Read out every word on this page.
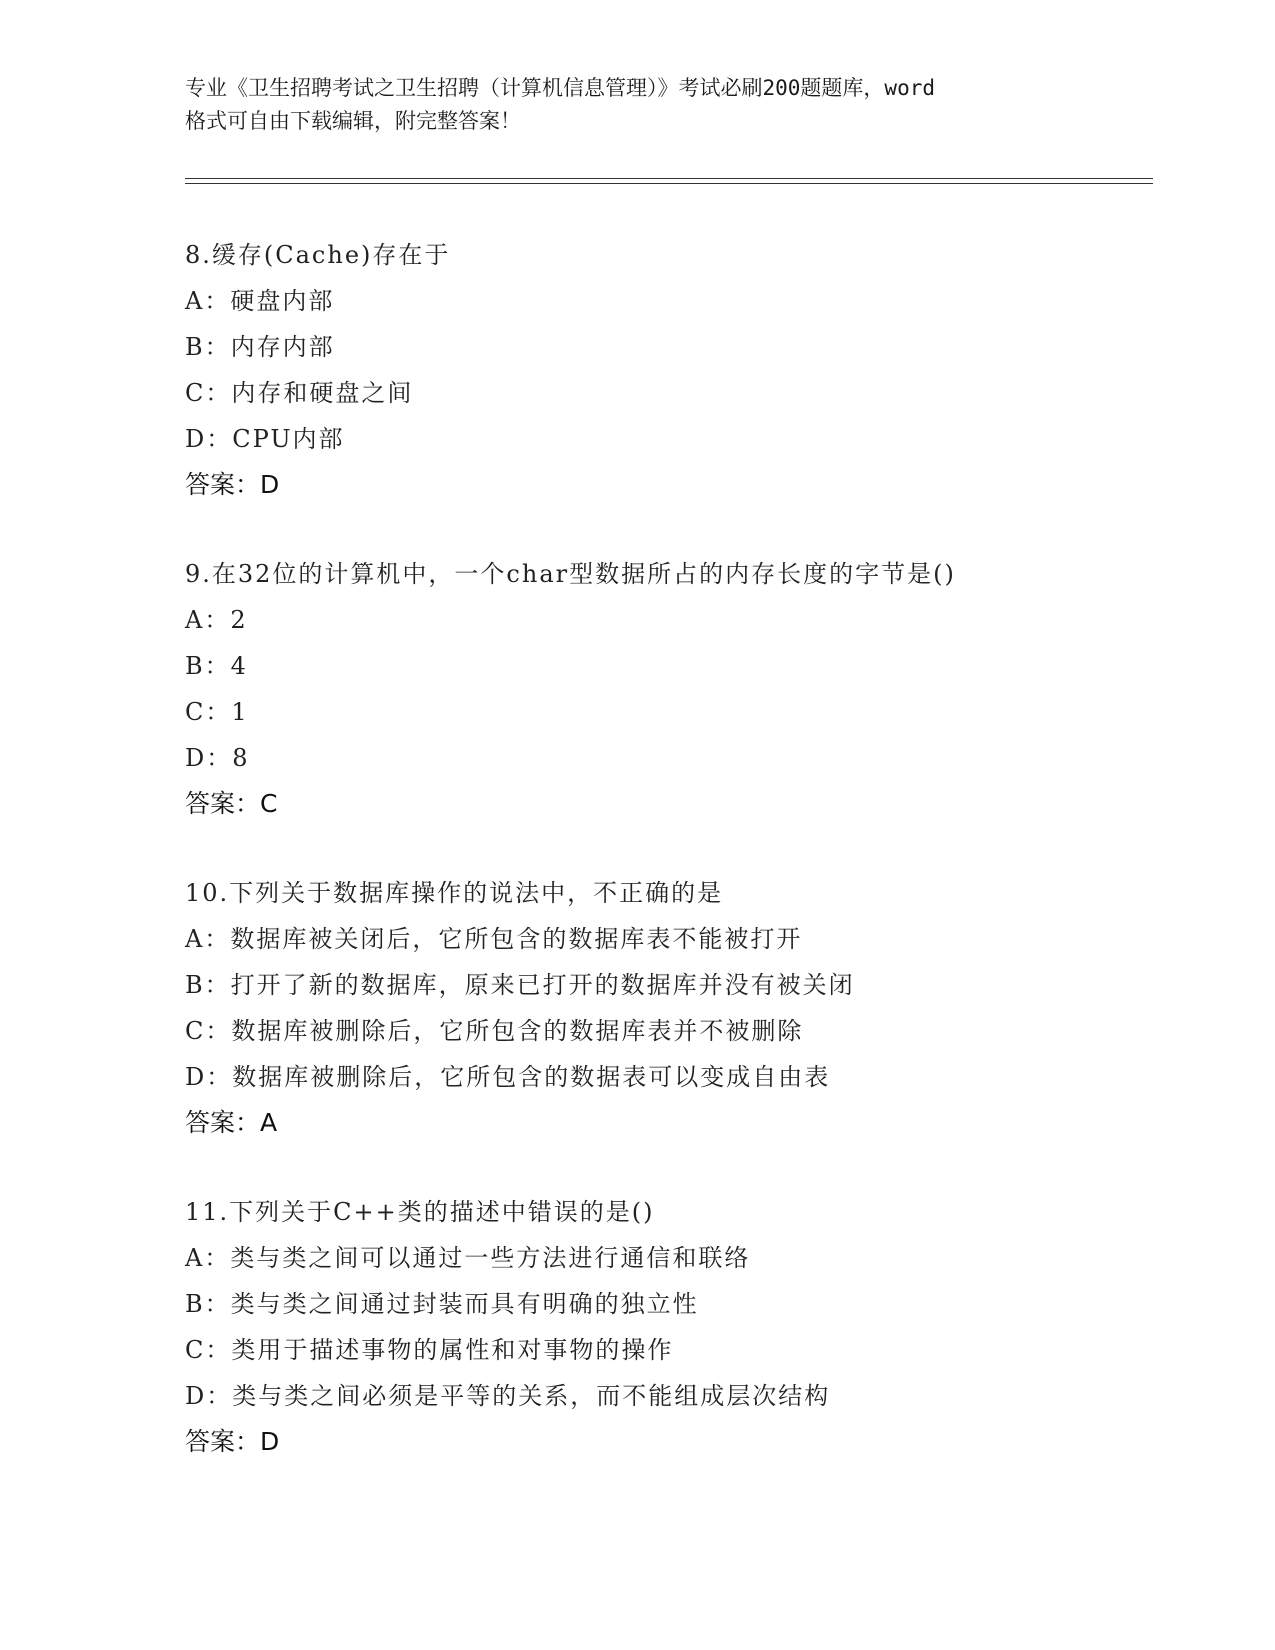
专业《卫生招聘考试之卫生招聘（计算机信息管理）》考试必刷200题题库，word
格式可自由下载编辑，附完整答案！
8.缓存(Cache)存在于
A：硬盘内部
B：内存内部
C：内存和硬盘之间
D：CPU内部
答案：D
9.在32位的计算机中，一个char型数据所占的内存长度的字节是()
A：2
B：4
C：1
D：8
答案：C
10.下列关于数据库操作的说法中，不正确的是
A：数据库被关闭后，它所包含的数据库表不能被打开
B：打开了新的数据库，原来已打开的数据库并没有被关闭
C：数据库被删除后，它所包含的数据库表并不被删除
D：数据库被删除后，它所包含的数据表可以变成自由表
答案：A
11.下列关于C++类的描述中错误的是()
A：类与类之间可以通过一些方法进行通信和联络
B：类与类之间通过封装而具有明确的独立性
C：类用于描述事物的属性和对事物的操作
D：类与类之间必须是平等的关系，而不能组成层次结构
答案：D
